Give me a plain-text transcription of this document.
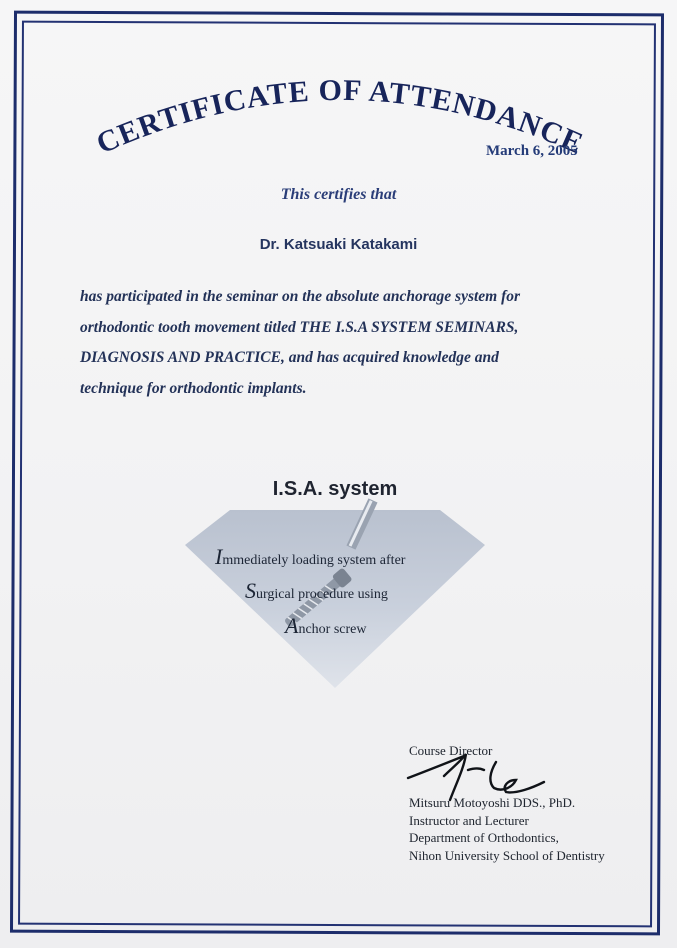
CERTIFICATE OF ATTENDANCE
March 6, 2005
This certifies that
Dr. Katsuaki Katakami
has participated in the seminar on the absolute anchorage system for
orthodontic tooth movement titled THE I.S.A SYSTEM SEMINARS,
DIAGNOSIS AND PRACTICE, and has acquired knowledge and
technique for orthodontic implants.
I.S.A. system
Immediately loading system after
Surgical procedure using
Anchor screw
Course Director
Mitsuru Motoyoshi DDS., PhD.
Instructor and Lecturer
Department of Orthodontics,
Nihon University School of Dentistry
